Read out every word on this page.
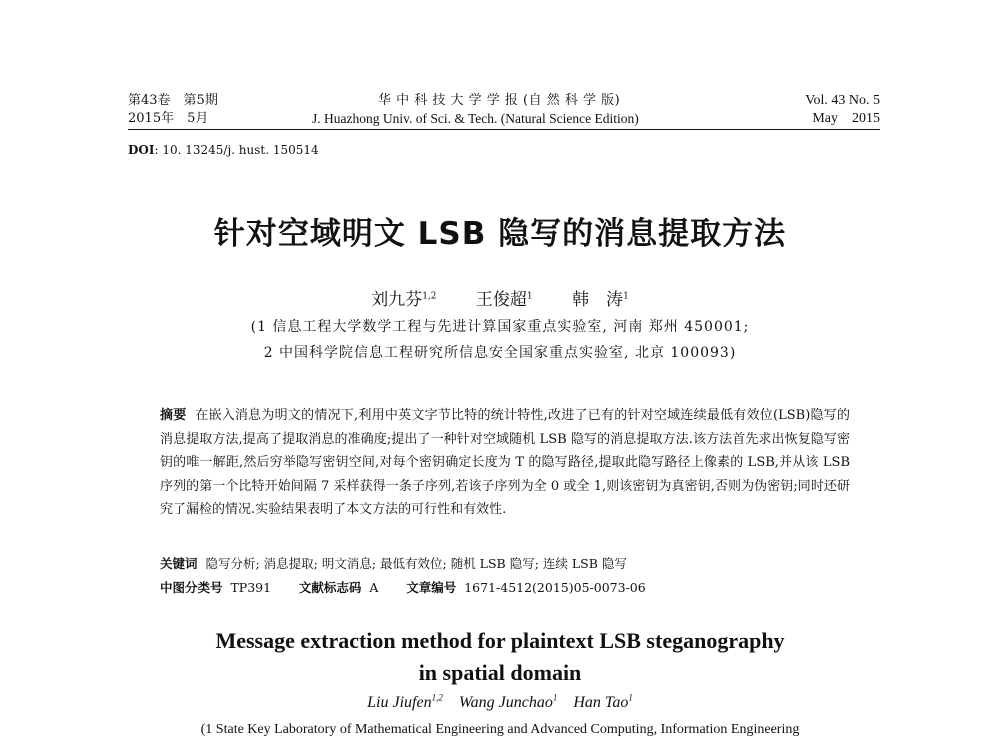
第43卷　第5期
2015年　5月
华 中 科 技 大 学 学 报 (自 然 科 学 版)
J. Huazhong Univ. of Sci. & Tech. (Natural Science Edition)
Vol. 43 No. 5
May　2015
DOI: 10. 13245/j. hust. 150514
针对空域明文 LSB 隐写的消息提取方法
刘九芬$^{1,2}$　　 王俊超$^1$　　 韩　涛$^1$
(1 信息工程大学数学工程与先进计算国家重点实验室, 河南 郑州 450001;
2 中国科学院信息工程研究所信息安全国家重点实验室, 北京 100093)
摘要 在嵌入消息为明文的情况下,利用中英文字节比特的统计特性,改进了已有的针对空域连续最低有效位(LSB)隐写的消息提取方法,提高了提取消息的准确度;提出了一种针对空域随机 LSB 隐写的消息提取方法.该方法首先求出恢复隐写密钥的唯一解距,然后穷举隐写密钥空间,对每个密钥确定长度为 T 的隐写路径,提取此隐写路径上像素的 LSB,并从该 LSB 序列的第一个比特开始间隔 7 采样获得一条子序列,若该子序列为全 0 或全 1,则该密钥为真密钥,否则为伪密钥;同时还研究了漏检的情况.实验结果表明了本文方法的可行性和有效性.
关键词 隐写分析; 消息提取; 明文消息; 最低有效位; 随机 LSB 隐写; 连续 LSB 隐写
中图分类号 TP391 文献标志码 A 文章编号 1671-4512(2015)05-0073-06
Message extraction method for plaintext LSB steganography
in spatial domain
Liu Jiufen$^{1,2}$ Wang Junchao$^1$ Han Tao$^1$
(1 State Key Laboratory of Mathematical Engineering and Advanced Computing, Information Engineering
